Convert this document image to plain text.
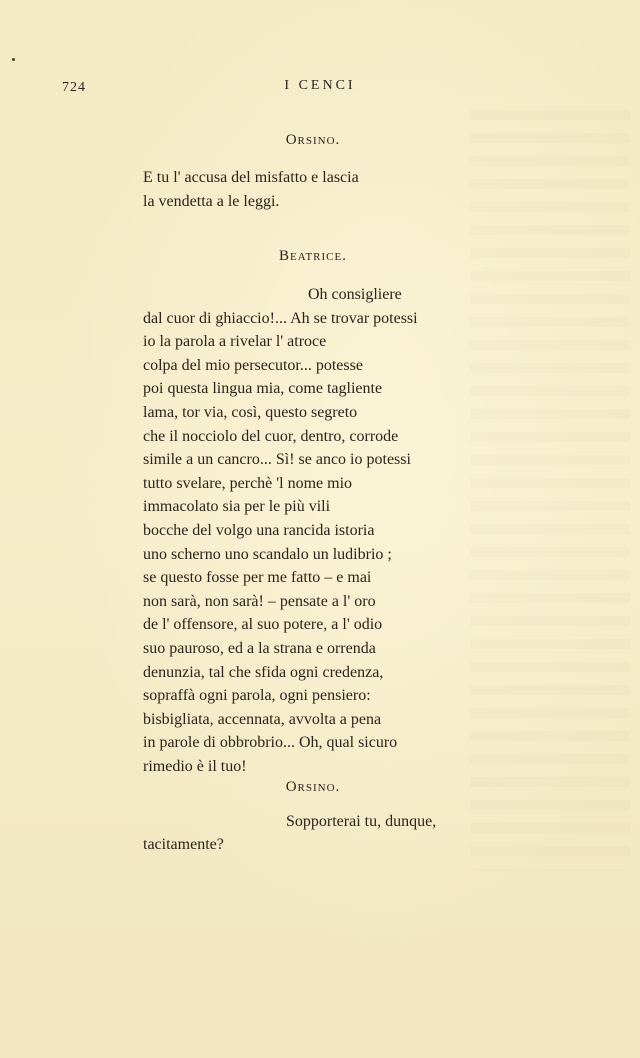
724	I CENCI
Orsino.
E tu l' accusa del misfatto e lascia
la vendetta a le leggi.
Beatrice.
Oh consigliere
dal cuor di ghiaccio!... Ah se trovar potessi
io la parola a rivelar l' atroce
colpa del mio persecutor... potesse
poi questa lingua mia, come tagliente
lama, tor via, così, questo segreto
che il nocciolo del cuor, dentro, corrode
simile a un cancro... Sì! se anco io potessi
tutto svelare, perchè 'l nome mio
immacolato sia per le più vili
bocche del volgo una rancida istoria
uno scherno uno scandalo un ludibrio ;
se questo fosse per me fatto – e mai
non sarà, non sarà! – pensate a l' oro
de l' offensore, al suo potere, a l' odio
suo pauroso, ed a la strana e orrenda
denunzia, tal che sfida ogni credenza,
sopraffà ogni parola, ogni pensiero:
bisbigliata, accennata, avvolta a pena
in parole di obbrobrio... Oh, qual sicuro
rimedio è il tuo!
Orsino.
Sopporterai tu, dunque,
tacitamente?
